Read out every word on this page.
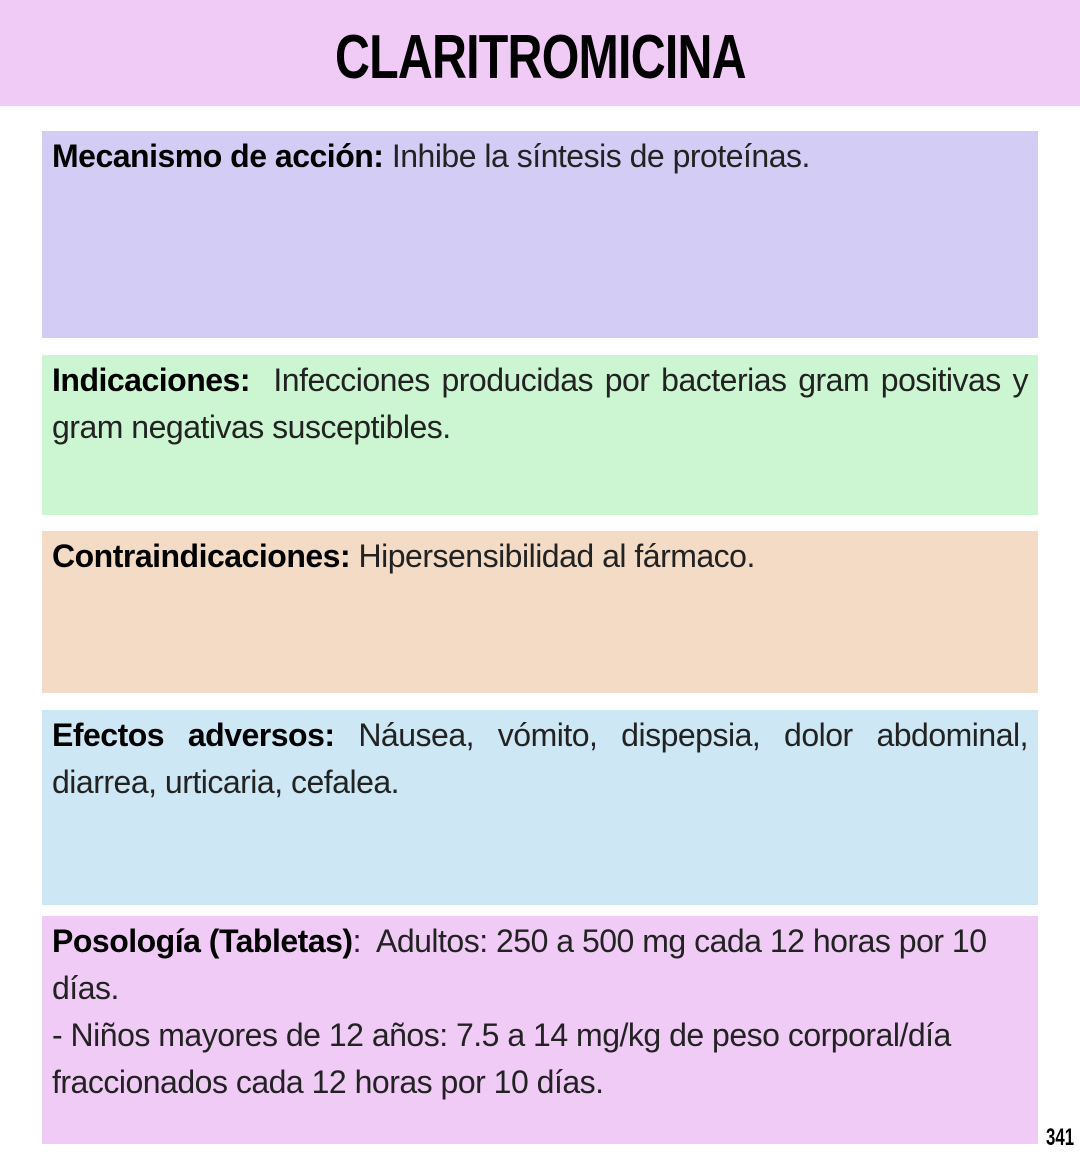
CLARITROMICINA
Mecanismo de acción: Inhibe la síntesis de proteínas.
Indicaciones:  Infecciones producidas por bacterias gram positivas y gram negativas susceptibles.
Contraindicaciones: Hipersensibilidad al fármaco.
Efectos adversos: Náusea, vómito, dispepsia, dolor abdominal, diarrea, urticaria, cefalea.
Posología (Tabletas):  Adultos: 250 a 500 mg cada 12 horas por 10 días.
- Niños mayores de 12 años: 7.5 a 14 mg/kg de peso corporal/día fraccionados cada 12 horas por 10 días.
341
